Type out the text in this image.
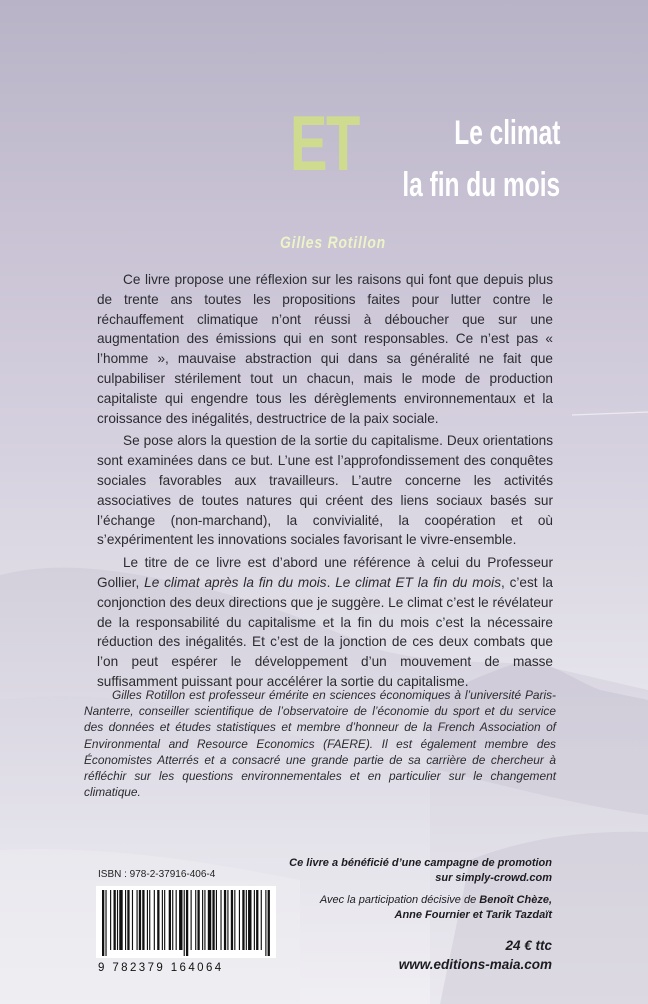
ET	Le climat
la fin du mois
Gilles Rotillon

Ce livre propose une réflexion sur les raisons qui font que depuis plus de trente ans toutes les propositions faites pour lutter contre le réchauffement climatique n’ont réussi à déboucher que sur une augmentation des émissions qui en sont responsables. Ce n’est pas « l’homme », mauvaise abstraction qui dans sa généralité ne fait que culpabiliser stérilement tout un chacun, mais le mode de production capitaliste qui engendre tous les dérèglements environnementaux et la croissance des inégalités, destructrice de la paix sociale.

Se pose alors la question de la sortie du capitalisme. Deux orientations sont examinées dans ce but. L’une est l’approfondissement des conquêtes sociales favorables aux travailleurs. L’autre concerne les activités associatives de toutes natures qui créent des liens sociaux basés sur l’échange (non-marchand), la convivialité, la coopération et où s’expérimentent les innovations sociales favorisant le vivre-ensemble.

Le titre de ce livre est d’abord une référence à celui du Professeur Gollier, Le climat après la fin du mois. Le climat ET la fin du mois, c’est la conjonction des deux directions que je suggère. Le climat c’est le révélateur de la responsabilité du capitalisme et la fin du mois c’est la nécessaire réduction des inégalités. Et c’est de la jonction de ces deux combats que l’on peut espérer le développement d’un mouvement de masse suffisamment puissant pour accélérer la sortie du capitalisme.

Gilles Rotillon est professeur émérite en sciences économiques à l’université Paris-Nanterre, conseiller scientifique de l’observatoire de l’économie du sport et du service des données et études statistiques et membre d’honneur de la French Association of Environmental and Resource Economics (FAERE). Il est également membre des Économistes Atterrés et a consacré une grande partie de sa carrière de chercheur à réfléchir sur les questions environnementales et en particulier sur le changement climatique.

ISBN : 978-2-37916-406-4
9 782379 164064
Ce livre a bénéficié d’une campagne de promotion
sur simply-crowd.com
Avec la participation décisive de Benoît Chèze,
Anne Fournier et Tarik Tazdaït
24 € ttc
www.editions-maia.com
